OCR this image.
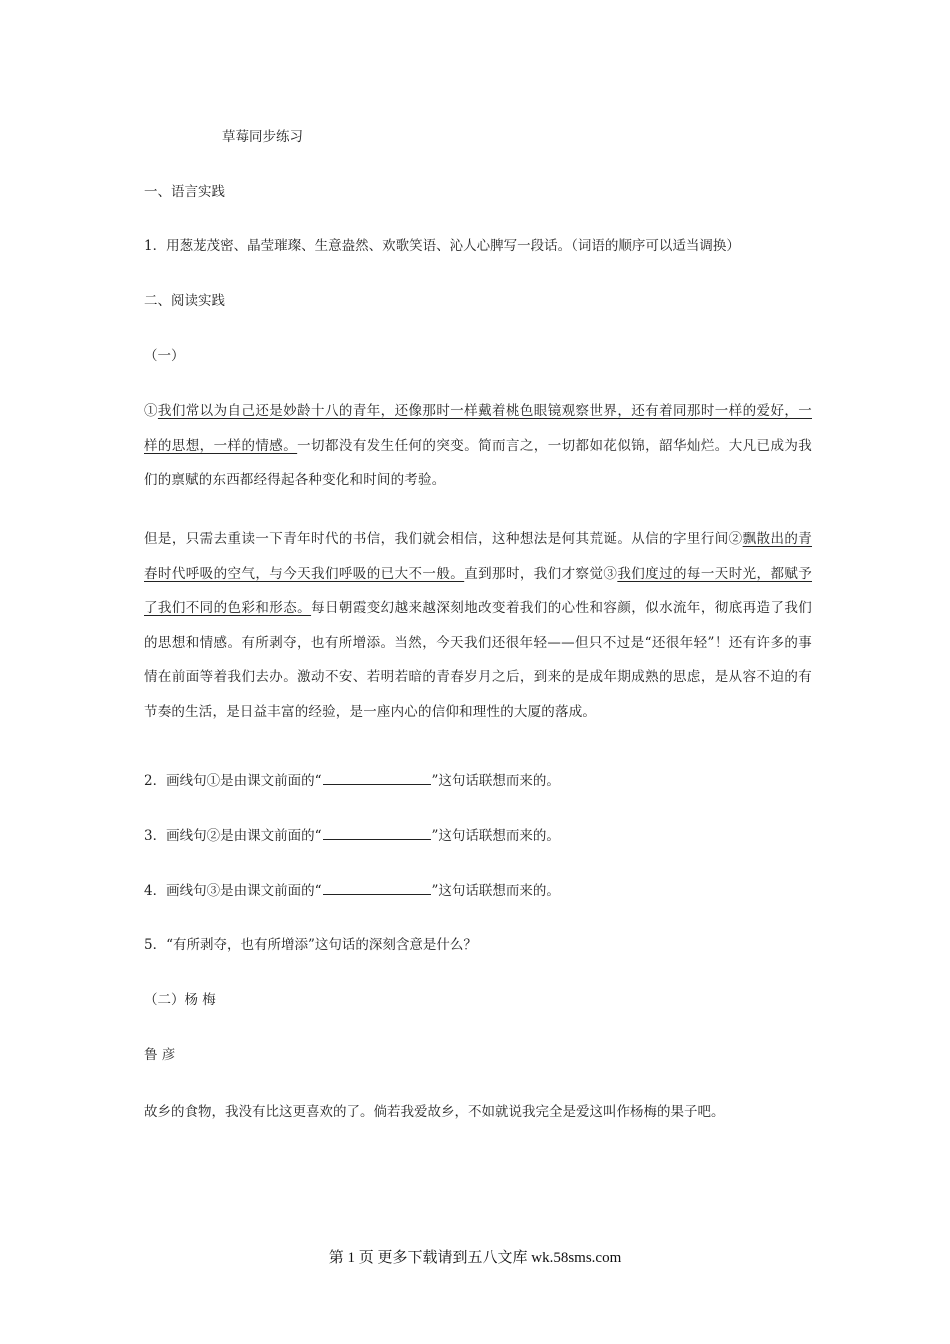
草莓同步练习
一、语言实践
1．用葱茏茂密、晶莹璀璨、生意盎然、欢歌笑语、沁人心脾写一段话。（词语的顺序可以适当调换）
二、阅读实践
（一）
①我们常以为自己还是妙龄十八的青年，还像那时一样戴着桃色眼镜观察世界，还有着同那时一样的爱好，一样的思想，一样的情感。一切都没有发生任何的突变。简而言之，一切都如花似锦，韶华灿烂。大凡已成为我们的禀赋的东西都经得起各种变化和时间的考验。
但是，只需去重读一下青年时代的书信，我们就会相信，这种想法是何其荒诞。从信的字里行间②飘散出的青春时代呼吸的空气，与今天我们呼吸的已大不一般。直到那时，我们才察觉③我们度过的每一天时光，都赋予了我们不同的色彩和形态。每日朝霞变幻越来越深刻地改变着我们的心性和容颜，似水流年，彻底再造了我们的思想和情感。有所剥夺，也有所增添。当然，今天我们还很年轻——但只不过是“还很年轻”！还有许多的事情在前面等着我们去办。激动不安、若明若暗的青春岁月之后，到来的是成年期成熟的思虑，是从容不迫的有节奏的生活，是日益丰富的经验，是一座内心的信仰和理性的大厦的落成。
2．画线句①是由课文前面的“	”这句话联想而来的。
3．画线句②是由课文前面的“	”这句话联想而来的。
4．画线句③是由课文前面的“	”这句话联想而来的。
5．“有所剥夺，也有所增添”这句话的深刻含意是什么？
（二）杨 梅
鲁 彦
故乡的食物，我没有比这更喜欢的了。倘若我爱故乡，不如就说我完全是爱这叫作杨梅的果子吧。
第 1 页 更多下载请到五八文库 wk.58sms.com
